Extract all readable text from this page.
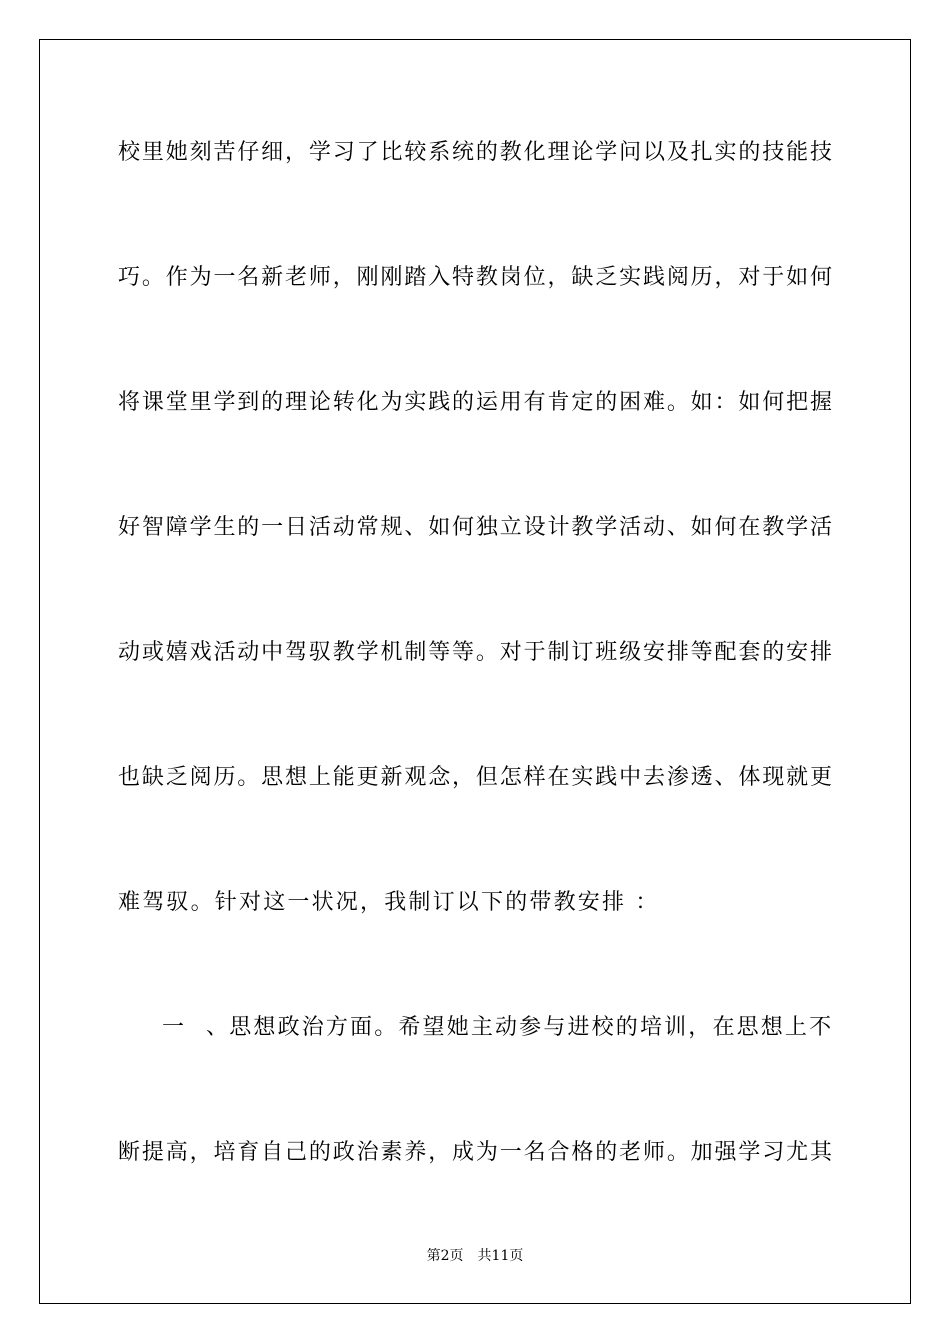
校里她刻苦仔细，学习了比较系统的教化理论学问以及扎实的技能技
巧。作为一名新老师，刚刚踏入特教岗位，缺乏实践阅历，对于如何
将课堂里学到的理论转化为实践的运用有肯定的困难。如：如何把握
好智障学生的一日活动常规、如何独立设计教学活动、如何在教学活
动或嬉戏活动中驾驭教学机制等等。对于制订班级安排等配套的安排
也缺乏阅历。思想上能更新观念，但怎样在实践中去渗透、体现就更
难驾驭。针对这一状况，我制订以下的带教安排 ：
一、思想政治方面。希望她主动参与进校的培训，在思想上不
断提高，培育自己的政治素养，成为一名合格的老师。加强学习尤其
第2页 共11页
